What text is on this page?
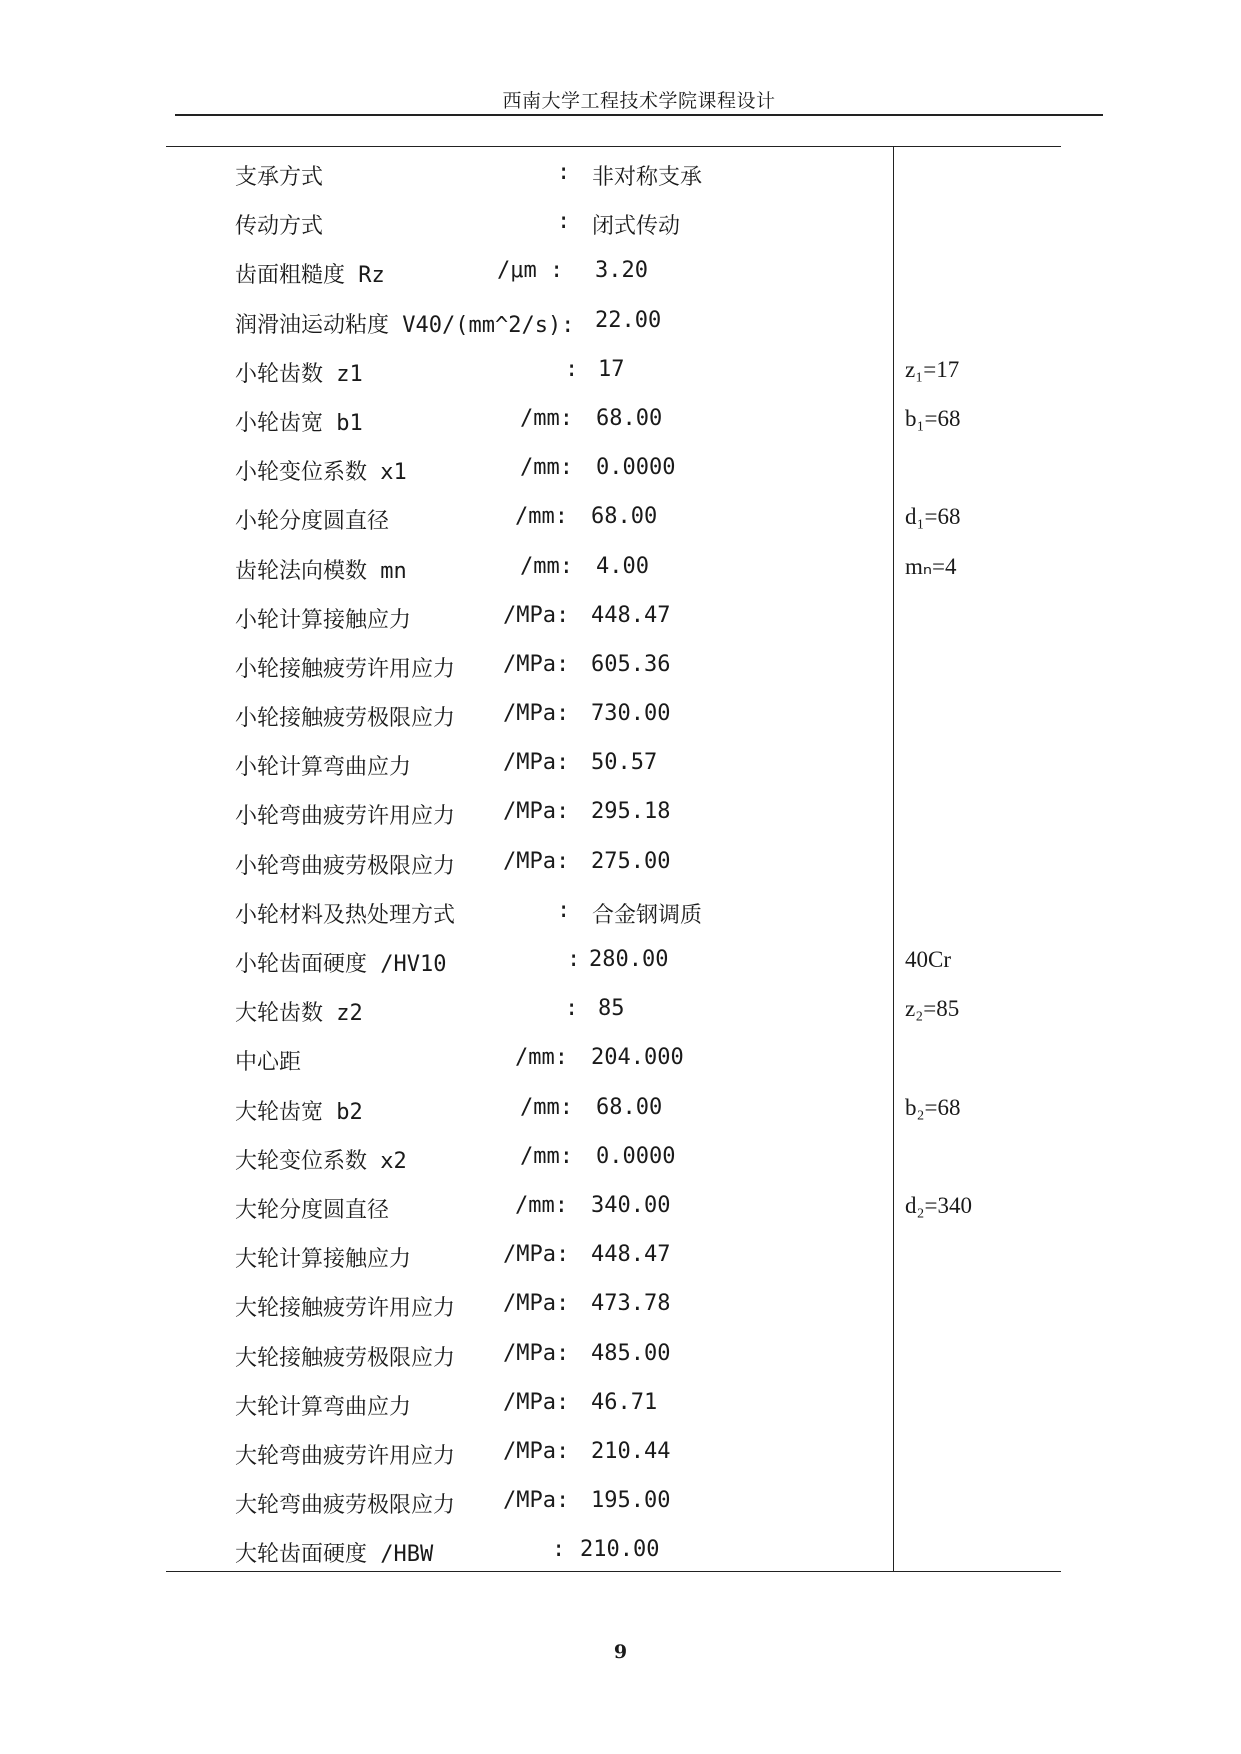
西南大学工程技术学院课程设计
支承方式	: 非对称支承
传动方式	: 闭式传动
齿面粗糙度 Rz	/μm : 3.20
润滑油运动粘度 V40/(mm^2/s): 22.00
小轮齿数 z1	: 17	z₁=17
小轮齿宽 b1	/mm: 68.00	b₁=68
小轮变位系数 x1	/mm: 0.0000
小轮分度圆直径	/mm: 68.00	d₁=68
齿轮法向模数 mn	/mm: 4.00	mₙ=4
小轮计算接触应力	/MPa: 448.47
小轮接触疲劳许用应力 /MPa: 605.36
小轮接触疲劳极限应力 /MPa: 730.00
小轮计算弯曲应力	/MPa: 50.57
小轮弯曲疲劳许用应力 /MPa: 295.18
小轮弯曲疲劳极限应力 /MPa: 275.00
小轮材料及热处理方式	: 合金钢调质
小轮齿面硬度 /HV10	: 280.00	40Cr
大轮齿数 z2	: 85	z₂=85
中心距	/mm: 204.000
大轮齿宽 b2	/mm: 68.00	b₂=68
大轮变位系数 x2	/mm: 0.0000
大轮分度圆直径	/mm: 340.00	d₂=340
大轮计算接触应力	/MPa: 448.47
大轮接触疲劳许用应力 /MPa: 473.78
大轮接触疲劳极限应力 /MPa: 485.00
大轮计算弯曲应力	/MPa: 46.71
大轮弯曲疲劳许用应力 /MPa: 210.44
大轮弯曲疲劳极限应力 /MPa: 195.00
大轮齿面硬度 /HBW	: 210.00
9
